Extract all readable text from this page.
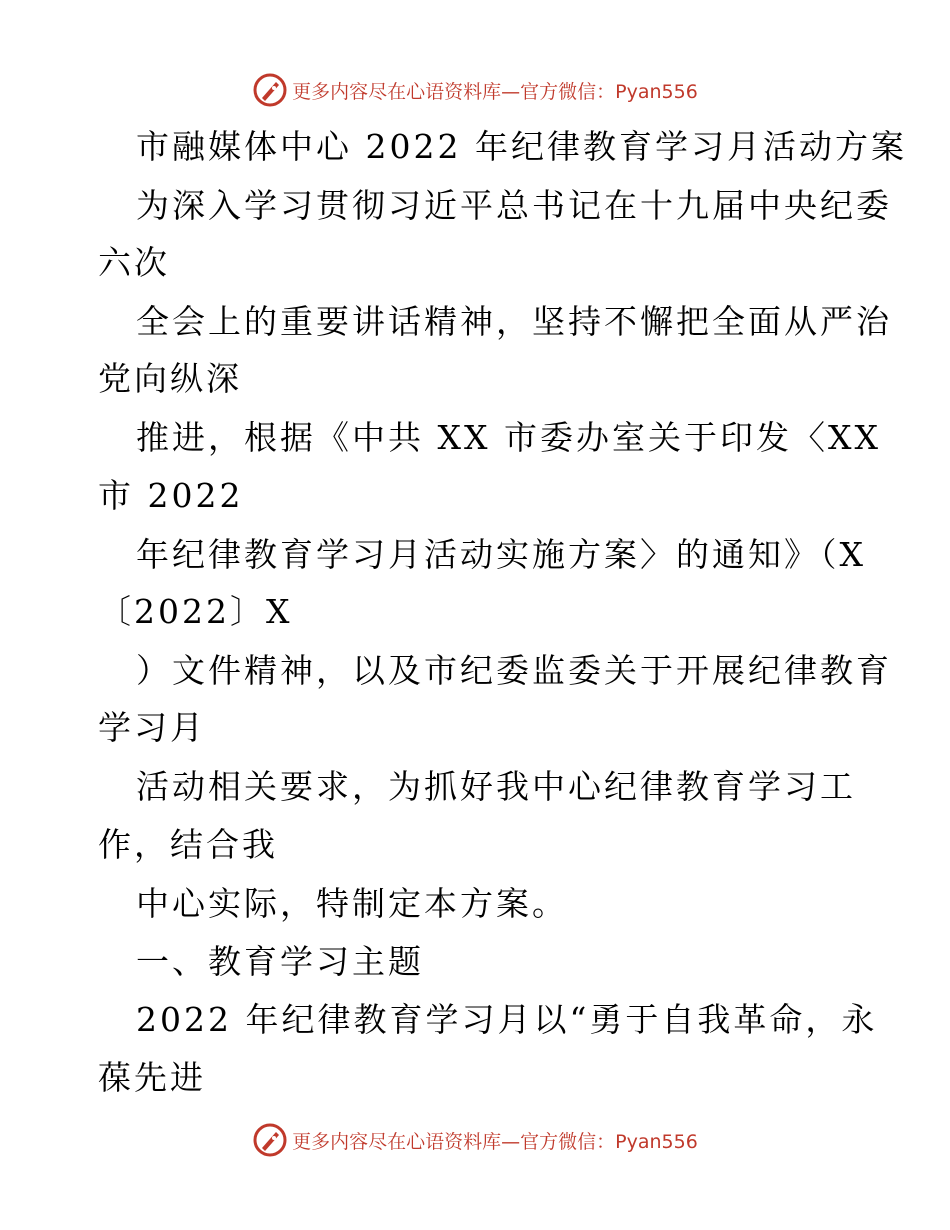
更多内容尽在心语资料库—官方微信：Pyan556
市融媒体中心 2022 年纪律教育学习月活动方案
为深入学习贯彻习近平总书记在十九届中央纪委
六次
全会上的重要讲话精神，坚持不懈把全面从严治
党向纵深
推进，根据《中共 XX 市委办室关于印发〈XX
市 2022
年纪律教育学习月活动实施方案〉的通知》（X
〔2022〕X
）文件精神，以及市纪委监委关于开展纪律教育
学习月
活动相关要求，为抓好我中心纪律教育学习工
作，结合我
中心实际，特制定本方案。
一、教育学习主题
2022 年纪律教育学习月以“勇于自我革命，永
葆先进
更多内容尽在心语资料库—官方微信：Pyan556
